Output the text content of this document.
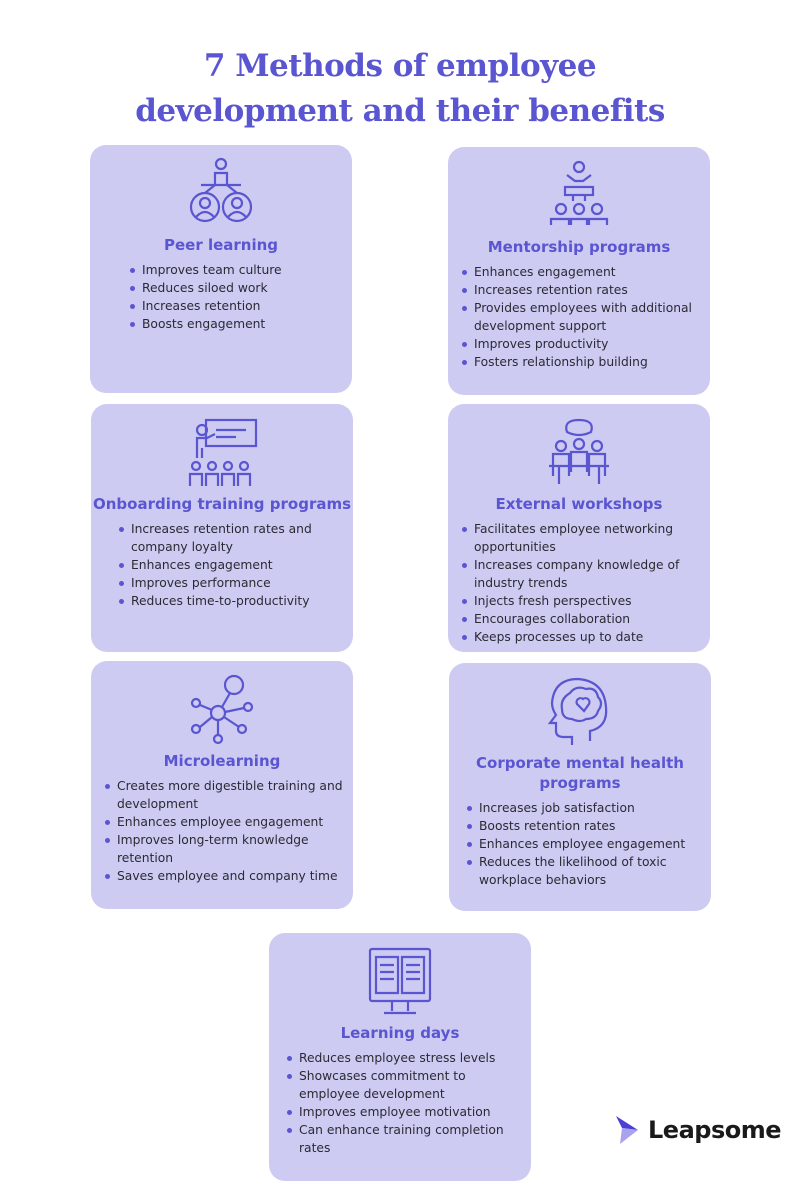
7 Methods of employee
development and their benefits
Peer learning
Improves team culture
Reduces siloed work
Increases retention
Boosts engagement
Mentorship programs
Enhances engagement
Increases retention rates
Provides employees with additional development support
Improves productivity
Fosters relationship building
Onboarding training programs
Increases retention rates and company loyalty
Enhances engagement
Improves performance
Reduces time-to-productivity
External workshops
Facilitates employee networking opportunities
Increases company knowledge of industry trends
Injects fresh perspectives
Encourages collaboration
Keeps processes up to date
Microlearning
Creates more digestible training and development
Enhances employee engagement
Improves long-term knowledge retention
Saves employee and company time
Corporate mental health programs
Increases job satisfaction
Boosts retention rates
Enhances employee engagement
Reduces the likelihood of toxic workplace behaviors
Learning days
Reduces employee stress levels
Showcases commitment to employee development
Improves employee motivation
Can enhance training completion rates
Leapsome
